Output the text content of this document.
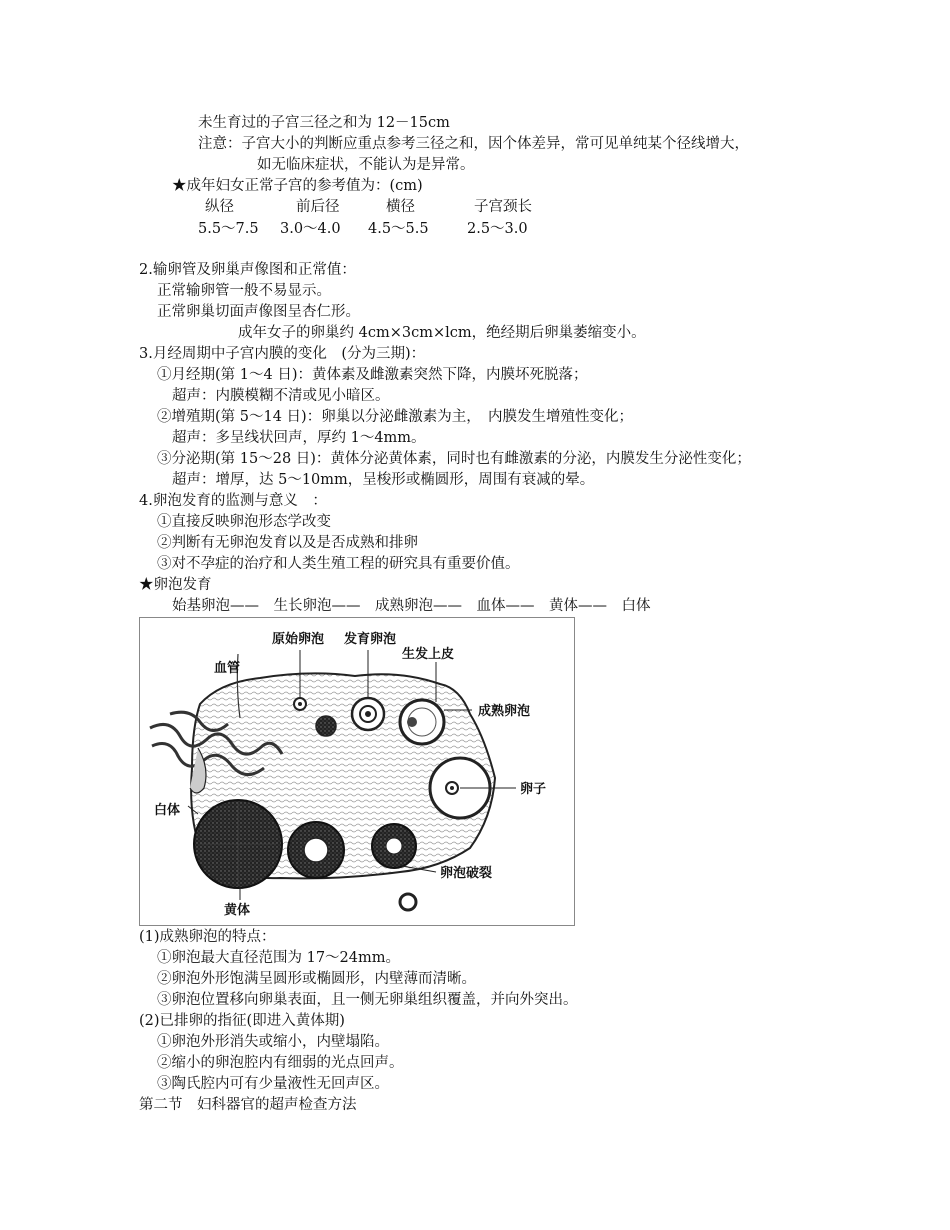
未生育过的子宫三径之和为 12－15cm
注意：子宫大小的判断应重点参考三径之和，因个体差异，常可见单纯某个径线增大，
如无临床症状，不能认为是异常。
★成年妇女正常子宫的参考值为：(cm)
纵径	前后径	横径	子宫颈长
5.5～7.5 3.0～4.0 4.5～5.5	2.5～3.0
2.输卵管及卵巢声像图和正常值：
正常输卵管一般不易显示。
正常卵巢切面声像图呈杏仁形。
成年女子的卵巢约 4cm×3cm×lcm，绝经期后卵巢萎缩变小。
3.月经周期中子宫内膜的变化　(分为三期)：
①月经期(第 1～4 日)：黄体素及雌激素突然下降，内膜坏死脱落；
超声：内膜模糊不清或见小暗区。
②增殖期(第 5～14 日)：卵巢以分泌雌激素为主，　内膜发生增殖性变化；
超声：多呈线状回声，厚约 1～4mm。
③分泌期(第 15～28 日)：黄体分泌黄体素，同时也有雌激素的分泌，内膜发生分泌性变化；
超声：增厚，达 5～10mm，呈梭形或椭圆形，周围有衰减的晕。
4.卵泡发育的监测与意义　：
①直接反映卵泡形态学改变
②判断有无卵泡发育以及是否成熟和排卵
③对不孕症的治疗和人类生殖工程的研究具有重要价值。
★卵泡发育
始基卵泡——　生长卵泡——　成熟卵泡——　血体——　黄体——　白体
原始卵泡 发育卵泡
生发上皮
血管
成熟卵泡
卵子
白体
卵泡破裂
黄体
(1)成熟卵泡的特点：
①卵泡最大直径范围为 17～24mm。
②卵泡外形饱满呈圆形或椭圆形，内壁薄而清晰。
③卵泡位置移向卵巢表面，且一侧无卵巢组织覆盖，并向外突出。
(2)已排卵的指征(即进入黄体期)
①卵泡外形消失或缩小，内壁塌陷。
②缩小的卵泡腔内有细弱的光点回声。
③陶氏腔内可有少量液性无回声区。
第二节　妇科器官的超声检查方法
